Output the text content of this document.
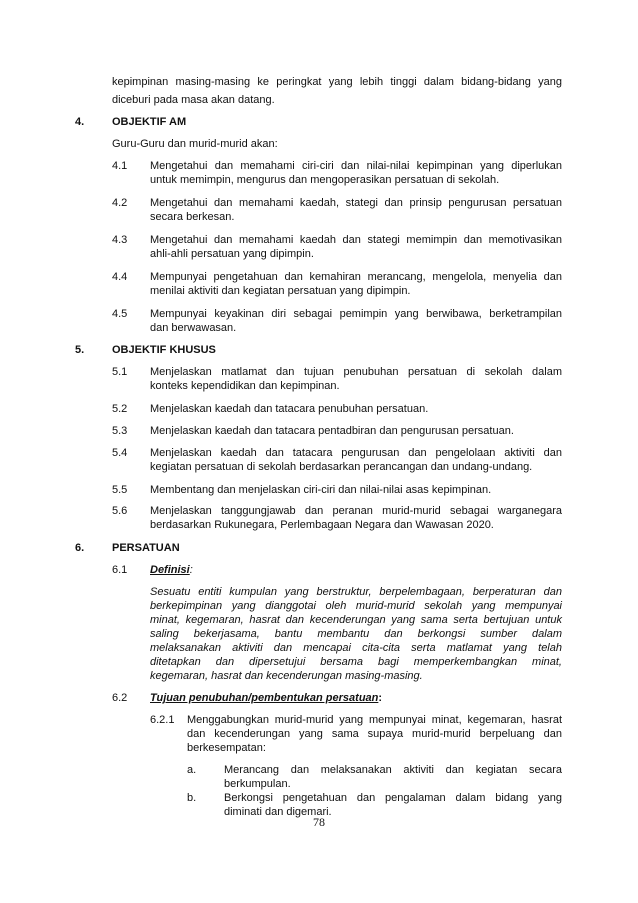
kepimpinan masing-masing ke peringkat yang lebih tinggi dalam bidang-bidang yang
diceburi pada masa akan datang.
4.	OBJEKTIF AM
Guru-Guru dan murid-murid akan:
4.1 Mengetahui dan memahami ciri-ciri dan nilai-nilai kepimpinan yang diperlukan
untuk memimpin, mengurus dan mengoperasikan persatuan di sekolah.
4.2 Mengetahui dan memahami kaedah, stategi dan prinsip pengurusan persatuan
secara berkesan.
4.3 Mengetahui dan memahami kaedah dan stategi memimpin dan memotivasikan
ahli-ahli persatuan yang dipimpin.
4.4 Mempunyai pengetahuan dan kemahiran merancang, mengelola, menyelia dan
menilai aktiviti dan kegiatan persatuan yang dipimpin.
4.5 Mempunyai keyakinan diri sebagai pemimpin yang berwibawa, berketrampilan
dan berwawasan.
5.	OBJEKTIF KHUSUS
5.1 Menjelaskan matlamat dan tujuan penubuhan persatuan di sekolah dalam
konteks kependidikan dan kepimpinan.
5.2 Menjelaskan kaedah dan tatacara penubuhan persatuan.
5.3 Menjelaskan kaedah dan tatacara pentadbiran dan pengurusan persatuan.
5.4 Menjelaskan kaedah dan tatacara pengurusan dan pengelolaan aktiviti dan
kegiatan persatuan di sekolah berdasarkan perancangan dan undang-undang.
5.5 Membentang dan menjelaskan ciri-ciri dan nilai-nilai asas kepimpinan.
5.6 Menjelaskan tanggungjawab dan peranan murid-murid sebagai warganegara
berdasarkan Rukunegara, Perlembagaan Negara dan Wawasan 2020.
6.	PERSATUAN
6.1 Definisi:
Sesuatu entiti kumpulan yang berstruktur, berpelembagaan, berperaturan dan
berkepimpinan yang dianggotai oleh murid-murid sekolah yang mempunyai
minat, kegemaran, hasrat dan kecenderungan yang sama serta bertujuan untuk
saling bekerjasama, bantu membantu dan berkongsi sumber dalam
melaksanakan aktiviti dan mencapai cita-cita serta matlamat yang telah
ditetapkan dan dipersetujui bersama bagi memperkembangkan minat,
kegemaran, hasrat dan kecenderungan masing-masing.
6.2 Tujuan penubuhan/pembentukan persatuan:
6.2.1 Menggabungkan murid-murid yang mempunyai minat, kegemaran, hasrat
dan kecenderungan yang sama supaya murid-murid berpeluang dan
berkesempatan:
a.	Merancang dan melaksanakan aktiviti dan kegiatan secara
berkumpulan.
b.	Berkongsi pengetahuan dan pengalaman dalam bidang yang
diminati dan digemari.
78
